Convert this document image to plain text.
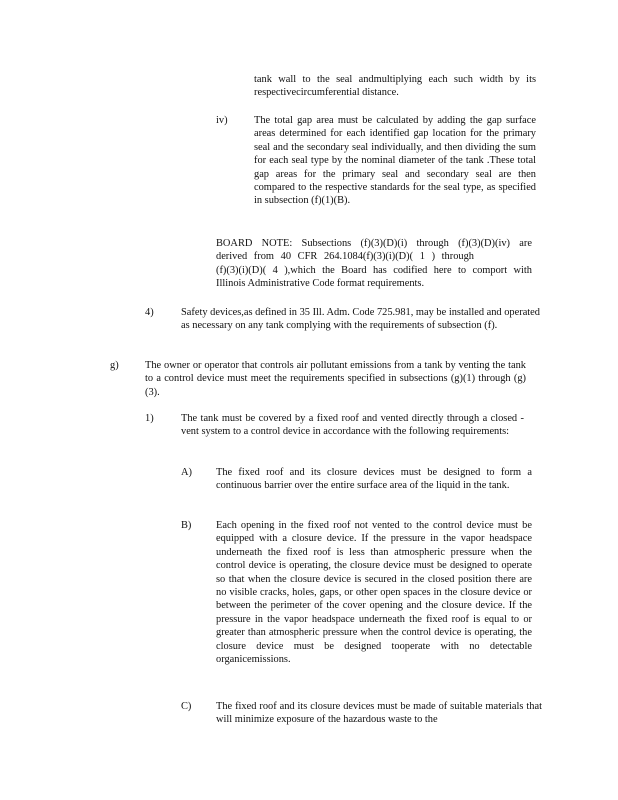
tank wall to the seal andmultiplying each such width by its

respectivecircumferential distance.

iv)	The total gap area must be calculated by adding the gap surface areas determined for each identified gap location for the primary seal and the secondary seal individually, and then dividing the sum for each seal type by the nominal diameter of the tank .These total gap areas for the primary seal and secondary seal are then compared to the respective standards for the seal type, as specified in subsection (f)(1)(B).

BOARD NOTE: Subsections (f)(3)(D)(i) through (f)(3)(D)(iv) are

derived from 40 CFR 264.1084(f)(3)(i)(D)( 1 ) through

(f)(3)(i)(D)( 4 ),which the Board has codified here to comport with

Illinois Administrative Code format requirements.

4)	Safety devices,as defined in 35 Ill. Adm. Code 725.981, may be installed and operated as necessary on any tank complying with the requirements of subsection (f).
g)	The owner or operator that controls air pollutant emissions from a tank by venting the tank to a control device must meet the requirements specified in subsections (g)(1) through (g)(3).
1)	The tank must be covered by a fixed roof and vented directly through a closed -vent system to a control device in accordance with the following requirements:
A) The fixed roof and its closure devices must be designed to form a continuous barrier over the entire surface area of the liquid in the tank.
B) Each opening in the fixed roof not vented to the control device must be equipped with a closure device. If the pressure in the vapor headspace underneath the fixed roof is less than atmospheric pressure when the control device is operating, the closure device must be designed to operate so that when the closure device is secured in the closed position there are no visible cracks, holes, gaps, or other open spaces in the closure device or between the perimeter of the cover opening and the closure device. If the pressure in the vapor headspace underneath the fixed roof is equal to or greater than atmospheric pressure when the control device is operating, the closure device must be designed tooperate with no detectable organicemissions.
C) The fixed roof and its closure devices must be made of suitable materials that will minimize exposure of the hazardous waste to the
